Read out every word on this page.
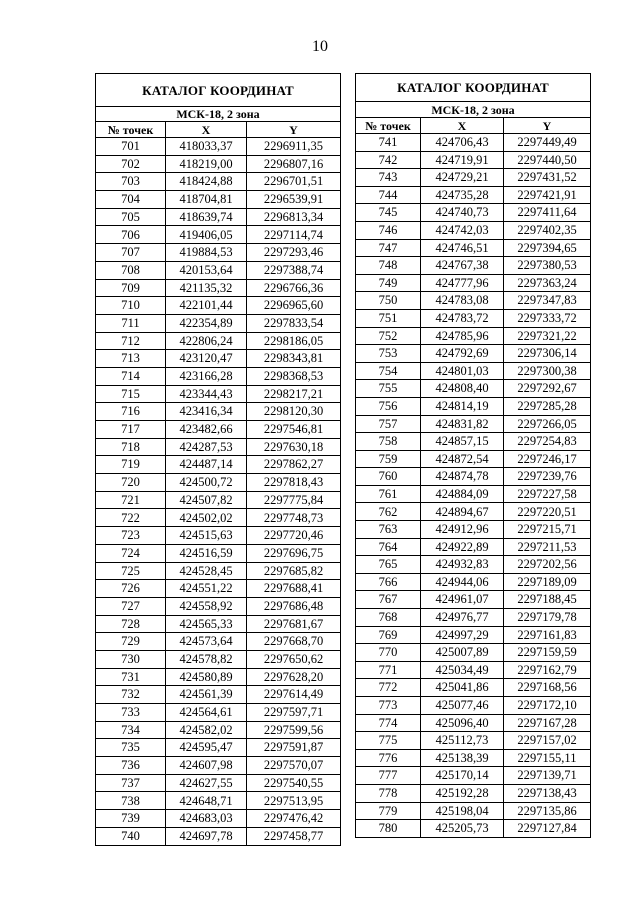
10
КАТАЛОГ КООРДИНАТ		
МСК-18, 2 зона		
№ точек	X	Y
701	418033,37	2296911,35
702	418219,00	2296807,16
703	418424,88	2296701,51
704	418704,81	2296539,91
705	418639,74	2296813,34
706	419406,05	2297114,74
707	419884,53	2297293,46
708	420153,64	2297388,74
709	421135,32	2296766,36
710	422101,44	2296965,60
711	422354,89	2297833,54
712	422806,24	2298186,05
713	423120,47	2298343,81
714	423166,28	2298368,53
715	423344,43	2298217,21
716	423416,34	2298120,30
717	423482,66	2297546,81
718	424287,53	2297630,18
719	424487,14	2297862,27
720	424500,72	2297818,43
721	424507,82	2297775,84
722	424502,02	2297748,73
723	424515,63	2297720,46
724	424516,59	2297696,75
725	424528,45	2297685,82
726	424551,22	2297688,41
727	424558,92	2297686,48
728	424565,33	2297681,67
729	424573,64	2297668,70
730	424578,82	2297650,62
731	424580,89	2297628,20
732	424561,39	2297614,49
733	424564,61	2297597,71
734	424582,02	2297599,56
735	424595,47	2297591,87
736	424607,98	2297570,07
737	424627,55	2297540,55
738	424648,71	2297513,95
739	424683,03	2297476,42
740	424697,78	2297458,77
КАТАЛОГ КООРДИНАТ		
МСК-18, 2 зона		
№ точек	X	Y
741	424706,43	2297449,49
742	424719,91	2297440,50
743	424729,21	2297431,52
744	424735,28	2297421,91
745	424740,73	2297411,64
746	424742,03	2297402,35
747	424746,51	2297394,65
748	424767,38	2297380,53
749	424777,96	2297363,24
750	424783,08	2297347,83
751	424783,72	2297333,72
752	424785,96	2297321,22
753	424792,69	2297306,14
754	424801,03	2297300,38
755	424808,40	2297292,67
756	424814,19	2297285,28
757	424831,82	2297266,05
758	424857,15	2297254,83
759	424872,54	2297246,17
760	424874,78	2297239,76
761	424884,09	2297227,58
762	424894,67	2297220,51
763	424912,96	2297215,71
764	424922,89	2297211,53
765	424932,83	2297202,56
766	424944,06	2297189,09
767	424961,07	2297188,45
768	424976,77	2297179,78
769	424997,29	2297161,83
770	425007,89	2297159,59
771	425034,49	2297162,79
772	425041,86	2297168,56
773	425077,46	2297172,10
774	425096,40	2297167,28
775	425112,73	2297157,02
776	425138,39	2297155,11
777	425170,14	2297139,71
778	425192,28	2297138,43
779	425198,04	2297135,86
780	425205,73	2297127,84
